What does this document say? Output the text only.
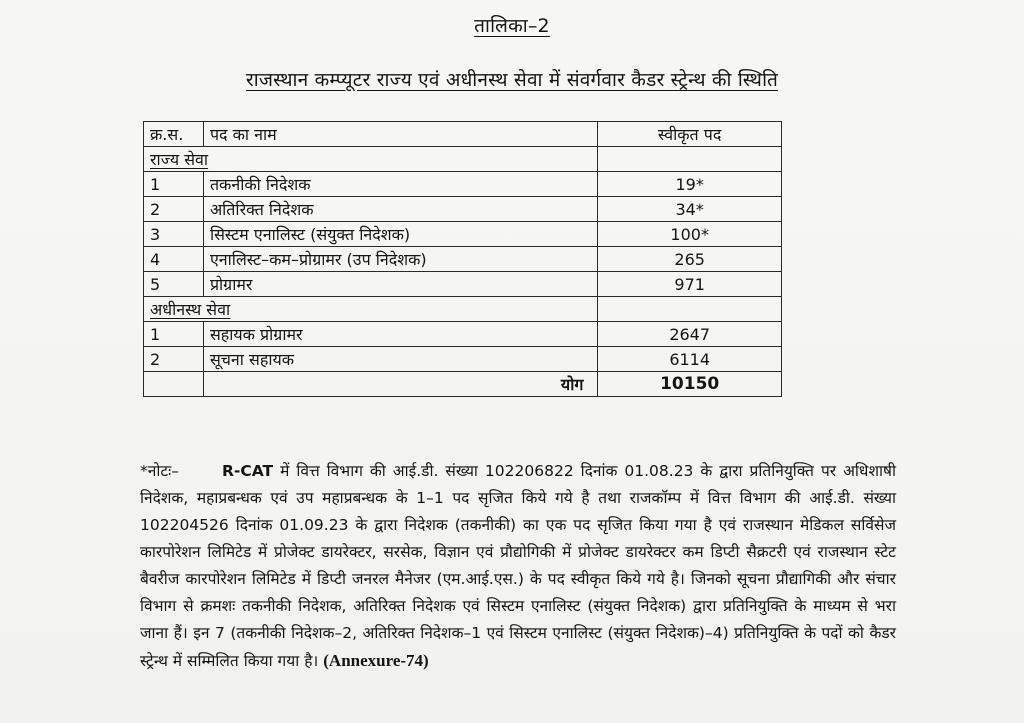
तालिका–2
राजस्थान कम्प्यूटर राज्य एवं अधीनस्थ सेवा में संवर्गवार कैडर स्ट्रेन्थ की स्थिति
क्र.स.	पद का नाम	स्वीकृत पद
राज्य सेवा		
1	तकनीकी निदेशक	19*
2	अतिरिक्त निदेशक	34*
3	सिस्टम एनालिस्ट (संयुक्त निदेशक)	100*
4	एनालिस्ट–कम–प्रोग्रामर (उप निदेशक)	265
5	प्रोग्रामर	971
अधीनस्थ सेवा		
1	सहायक प्रोग्रामर	2647
2	सूचना सहायक	6114
	योग	10150
*नोटः–	R-CAT में वित्त विभाग की आई.डी. संख्या 102206822 दिनांक 01.08.23 के द्वारा प्रतिनियुक्ति पर अधिशाषी निदेशक, महाप्रबन्धक एवं उप महाप्रबन्धक के 1–1 पद सृजित किये गये है तथा राजकॉम्प में वित्त विभाग की आई.डी. संख्या 102204526 दिनांक 01.09.23 के द्वारा निदेशक (तकनीकी) का एक पद सृजित किया गया है एवं राजस्थान मेडिकल सर्विसेज कारपोरेशन लिमिटेड में प्रोजेक्ट डायरेक्टर, सरसेक, विज्ञान एवं प्रौद्योगिकी में प्रोजेक्ट डायरेक्टर कम डिप्टी सैक्रटरी एवं राजस्थान स्टेट बैवरीज कारपोरेशन लिमिटेड में डिप्टी जनरल मैनेजर (एम.आई.एस.) के पद स्वीकृत किये गये है। जिनको सूचना प्रौद्यागिकी और संचार विभाग से क्रमशः तकनीकी निदेशक, अतिरिक्त निदेशक एवं सिस्टम एनालिस्ट (संयुक्त निदेशक) द्वारा प्रतिनियुक्ति के माध्यम से भरा जाना हैं। इन 7 (तकनीकी निदेशक–2, अतिरिक्त निदेशक–1 एवं सिस्टम एनालिस्ट (संयुक्त निदेशक)–4) प्रतिनियुक्ति के पदों को कैडर स्ट्रेन्थ में सम्मिलित किया गया है। (Annexure-74)
